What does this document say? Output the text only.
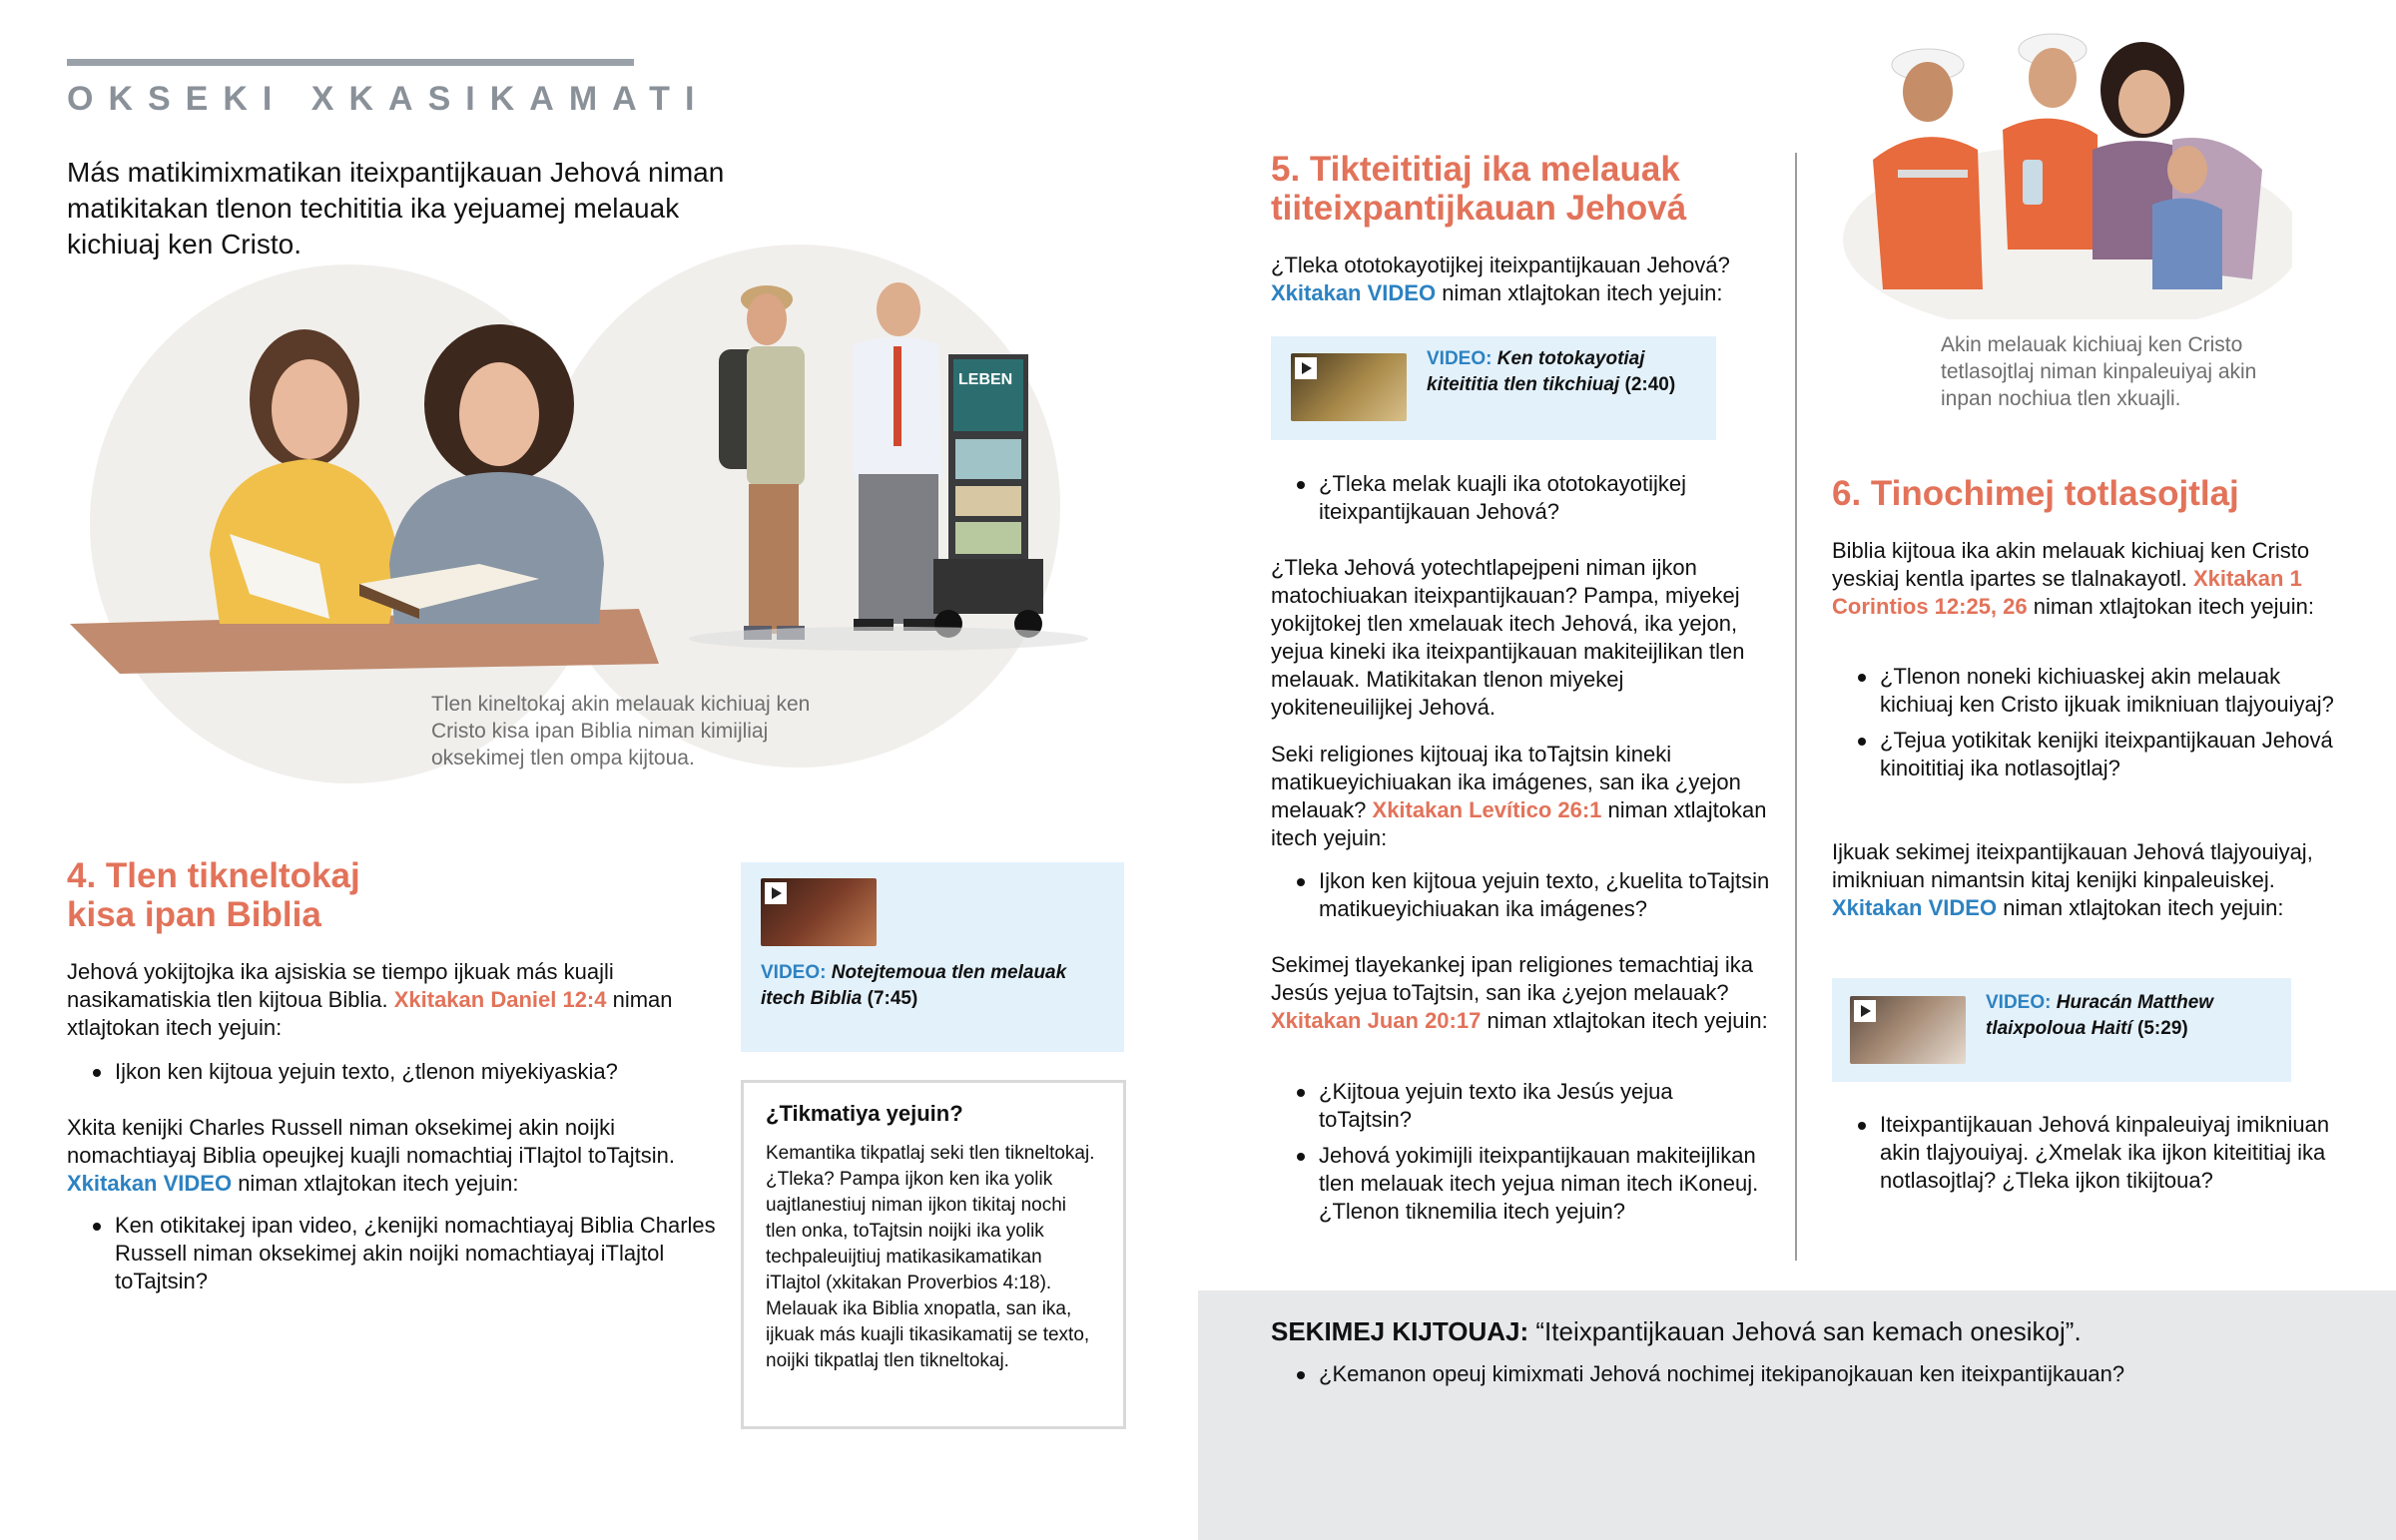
OKSEKI XKASIKAMATI
Más matikimixmatikan iteixpantijkauan Jehová niman matikitakan tlenon techititia ika yejuamej melauak kichiuaj ken Cristo.
LEBEN
Tlen kineltokaj akin melauak kichiuaj ken Cristo kisa ipan Biblia niman kimijliaj oksekimej tlen ompa kijtoua.
4. Tlen tikneltokaj
kisa ipan Biblia

Jehová yokijtojka ika ajsiskia se tiempo ijkuak más kuajli nasikamatiskia tlen kijtoua Biblia. Xkitakan Daniel 12:4 niman xtlajtokan itech yejuin:

Ijkon ken kijtoua yejuin texto, ¿tlenon miyekiyaskia?

Xkita kenijki Charles Russell niman oksekimej akin noijki nomachtiayaj Biblia opeujkej kuajli nomachtiaj iTlajtol toTajtsin. Xkitakan VIDEO niman xtlajtokan itech yejuin:

Ken otikitakej ipan video, ¿kenijki nomachtiayaj Biblia Charles Russell niman oksekimej akin noijki nomachtiayaj iTlajtol toTajtsin?
VIDEO: Notejtemoua tlen melauak itech Biblia (7:45)
¿Tikmatiya yejuin?
Kemantika tikpatlaj seki tlen tikneltokaj. ¿Tleka? Pampa ijkon ken ika yolik uajtlanestiuj niman ijkon tikitaj nochi tlen onka, toTajtsin noijki ika yolik techpaleuijtiuj matikasikamatikan iTlajtol (xkitakan Proverbios 4:18). Melauak ika Biblia xnopatla, san ika, ijkuak más kuajli tikasikamatij se texto, noijki tikpatlaj tlen tikneltokaj.
5. Tikteititiaj ika melauak
tiiteixpantijkauan Jehová

¿Tleka ototokayotijkej iteixpantijkauan Jehová? Xkitakan VIDEO niman xtlajtokan itech yejuin:

VIDEO: Ken totokayotiaj kiteititia tlen tikchiuaj (2:40)
¿Tleka melak kuajli ika ototokayotijkej iteixpantijkauan Jehová?

¿Tleka Jehová yotechtlapejpeni niman ijkon matochiuakan iteixpantijkauan? Pampa, miyekej yokijtokej tlen xmelauak itech Jehová, ika yejon, yejua kineki ika iteixpantijkauan makiteijlikan tlen melauak. Matikitakan tlenon miyekej yokiteneuilijkej Jehová.

Seki religiones kijtouaj ika toTajtsin kineki matikueyichiuakan ika imágenes, san ika ¿yejon melauak? Xkitakan Levítico 26:1 niman xtlajtokan itech yejuin:

Ijkon ken kijtoua yejuin texto, ¿kuelita toTajtsin matikueyichiuakan ika imágenes?

Sekimej tlayekankej ipan religiones temachtiaj ika Jesús yejua toTajtsin, san ika ¿yejon melauak? Xkitakan Juan 20:17 niman xtlajtokan itech yejuin:

¿Kijtoua yejuin texto ika Jesús yejua toTajtsin?
Jehová yokimijli iteixpantijkauan makiteijlikan tlen melauak itech yejua niman itech iKoneuj. ¿Tlenon tiknemilia itech yejuin?
Akin melauak kichiuaj ken Cristo tetlasojtlaj niman kinpaleuiyaj akin inpan nochiua tlen xkuajli.
6. Tinochimej totlasojtlaj

Biblia kijtoua ika akin melauak kichiuaj ken Cristo yeskiaj kentla ipartes se tlalnakayotl. Xkitakan 1 Corintios 12:25, 26 niman xtlajtokan itech yejuin:

¿Tlenon noneki kichiuaskej akin melauak kichiuaj ken Cristo ijkuak imikniuan tlajyouiyaj?
¿Tejua yotikitak kenijki iteixpantijkauan Jehová kinoititiaj ika notlasojtlaj?

Ijkuak sekimej iteixpantijkauan Jehová tlajyouiyaj, imikniuan nimantsin kitaj kenijki kinpaleuiskej. Xkitakan VIDEO niman xtlajtokan itech yejuin:

VIDEO: Huracán Matthew tlaixpoloua Haití (5:29)
Iteixpantijkauan Jehová kinpaleuiyaj imikniuan akin tlajyouiyaj. ¿Xmelak ika ijkon kiteititiaj ika notlasojtlaj? ¿Tleka ijkon tikijtoua?
SEKIMEJ KIJTOUAJ: “Iteixpantijkauan Jehová san kemach onesikoj”.
¿Kemanon opeuj kimixmati Jehová nochimej itekipanojkauan ken iteixpantijkauan?
